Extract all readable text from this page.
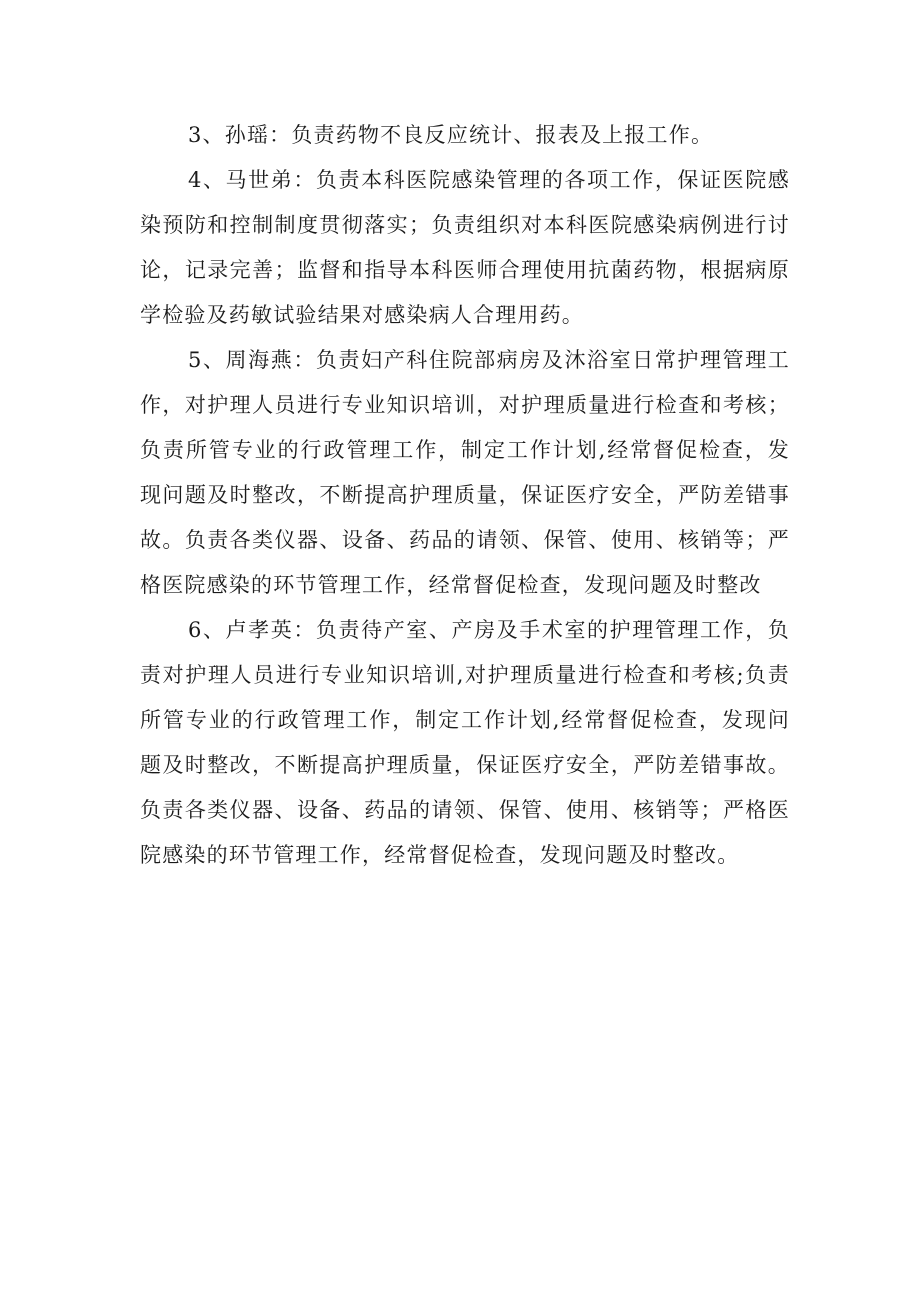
3、孙瑶：负责药物不良反应统计、报表及上报工作。

4、马世弟：负责本科医院感染管理的各项工作，保证医院感染预防和控制制度贯彻落实；负责组织对本科医院感染病例进行讨论，记录完善；监督和指导本科医师合理使用抗菌药物，根据病原学检验及药敏试验结果对感染病人合理用药。

5、周海燕：负责妇产科住院部病房及沐浴室日常护理管理工作，对护理人员进行专业知识培训，对护理质量进行检查和考核；负责所管专业的行政管理工作，制定工作计划,经常督促检查，发现问题及时整改，不断提高护理质量，保证医疗安全，严防差错事故。负责各类仪器、设备、药品的请领、保管、使用、核销等；严格医院感染的环节管理工作，经常督促检查，发现问题及时整改

6、卢孝英：负责待产室、产房及手术室的护理管理工作，负责对护理人员进行专业知识培训,对护理质量进行检查和考核;负责所管专业的行政管理工作，制定工作计划,经常督促检查，发现问题及时整改，不断提高护理质量，保证医疗安全，严防差错事故。负责各类仪器、设备、药品的请领、保管、使用、核销等；严格医院感染的环节管理工作，经常督促检查，发现问题及时整改。
